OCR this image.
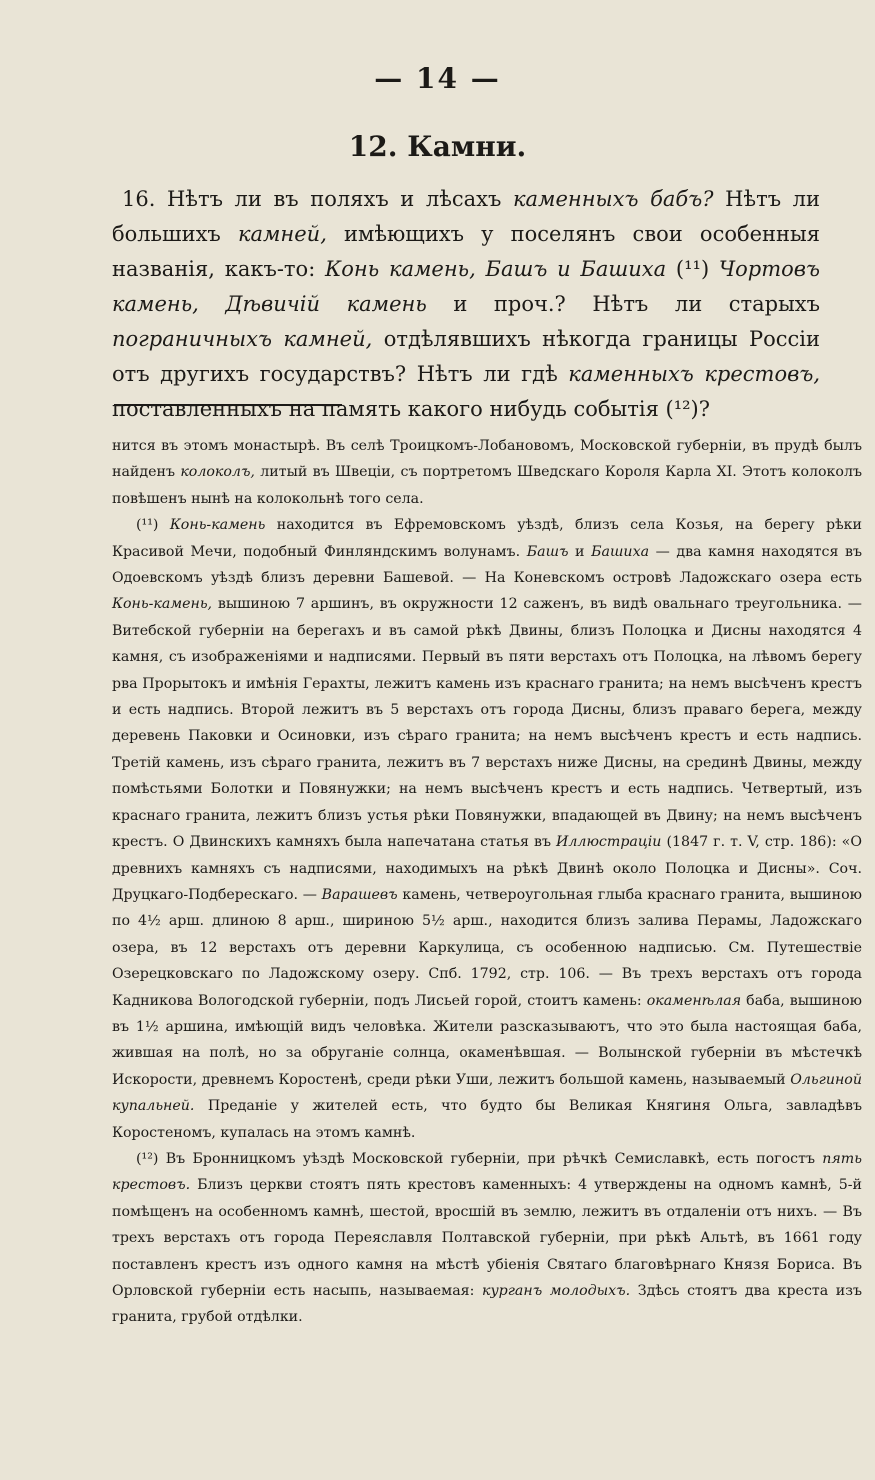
— 14 —
12. Камни.
16. Нѣтъ ли въ поляхъ и лѣсахъ каменныхъ бабъ? Нѣтъ ли большихъ камней, имѣющихъ у поселянъ свои особенныя названія, какъ-то: Конь камень, Башъ и Башиха (¹¹) Чортовъ камень, Дѣвичій камень и проч.? Нѣтъ ли старыхъ пограничныхъ камней, отдѣлявшихъ нѣкогда границы Россіи отъ другихъ государствъ? Нѣтъ ли гдѣ каменныхъ крестовъ, поставленныхъ на память какого нибудь событія (¹²)?

нится въ этомъ монастырѣ. Въ селѣ Троицкомъ-Лобановомъ, Московской губерніи, въ прудѣ былъ найденъ колоколъ, литый въ Швеціи, съ портретомъ Шведскаго Короля Карла XI. Этотъ колоколъ повѣшенъ нынѣ на колокольнѣ того села.

(¹¹) Конь-камень находится въ Ефремовскомъ уѣздѣ, близъ села Козья, на берегу рѣки Красивой Мечи, подобный Финляндскимъ волунамъ. Башъ и Башиха — два камня находятся въ Одоевскомъ уѣздѣ близъ деревни Башевой. — На Коневскомъ островѣ Ладожскаго озера есть Конь-камень, вышиною 7 аршинъ, въ окружности 12 саженъ, въ видѣ овальнаго треугольника. — Витебской губерніи на берегахъ и въ самой рѣкѣ Двины, близъ Полоцка и Дисны находятся 4 камня, съ изображеніями и надписями. Первый въ пяти верстахъ отъ Полоцка, на лѣвомъ берегу рва Прорытокъ и имѣнія Герахты, лежитъ камень изъ краснаго гранита; на немъ высѣченъ крестъ и есть надпись. Второй лежитъ въ 5 верстахъ отъ города Дисны, близъ праваго берега, между деревень Паковки и Осиновки, изъ сѣраго гранита; на немъ высѣченъ крестъ и есть надпись. Третій камень, изъ сѣраго гранита, лежитъ въ 7 верстахъ ниже Дисны, на срединѣ Двины, между помѣстьями Болотки и Повянужки; на немъ высѣченъ крестъ и есть надпись. Четвертый, изъ краснаго гранита, лежитъ близъ устья рѣки Повянужки, впадающей въ Двину; на немъ высѣченъ крестъ. О Двинскихъ камняхъ была напечатана статья въ Иллюстраціи (1847 г. т. V, стр. 186): «О древнихъ камняхъ съ надписями, находимыхъ на рѣкѣ Двинѣ около Полоцка и Дисны». Соч. Друцкаго-Подберескаго. — Варашевъ камень, четвероугольная глыба краснаго гранита, вышиною по 4½ арш. длиною 8 арш., шириною 5½ арш., находится близъ залива Перамы, Ладожскаго озера, въ 12 верстахъ отъ деревни Каркулица, съ особенною надписью. См. Путешествіе Озерецковскаго по Ладожскому озеру. Спб. 1792, стр. 106. — Въ трехъ верстахъ отъ города Кадникова Вологодской губерніи, подъ Лисьей горой, стоитъ камень: окаменѣлая баба, вышиною въ 1½ аршина, имѣющій видъ человѣка. Жители разсказываютъ, что это была настоящая баба, жившая на полѣ, но за обруганіе солнца, окаменѣвшая. — Волынской губерніи въ мѣстечкѣ Искорости, древнемъ Коростенѣ, среди рѣки Уши, лежитъ большой камень, называемый Ольгиной купальней. Преданіе у жителей есть, что будто бы Великая Княгиня Ольга, завладѣвъ Коростеномъ, купалась на этомъ камнѣ.

(¹²) Въ Бронницкомъ уѣздѣ Московской губерніи, при рѣчкѣ Семиславкѣ, есть погостъ пять крестовъ. Близъ церкви стоятъ пять крестовъ каменныхъ: 4 утверждены на одномъ камнѣ, 5-й помѣщенъ на особенномъ камнѣ, шестой, вросшій въ землю, лежитъ въ отдаленіи отъ нихъ. — Въ трехъ верстахъ отъ города Переяславля Полтавской губерніи, при рѣкѣ Альтѣ, въ 1661 году поставленъ крестъ изъ одного камня на мѣстѣ убіенія Святаго благовѣрнаго Князя Бориса. Въ Орловской губерніи есть насыпь, называемая: курганъ молодыхъ. Здѣсь стоятъ два креста изъ гранита, грубой отдѣлки.
